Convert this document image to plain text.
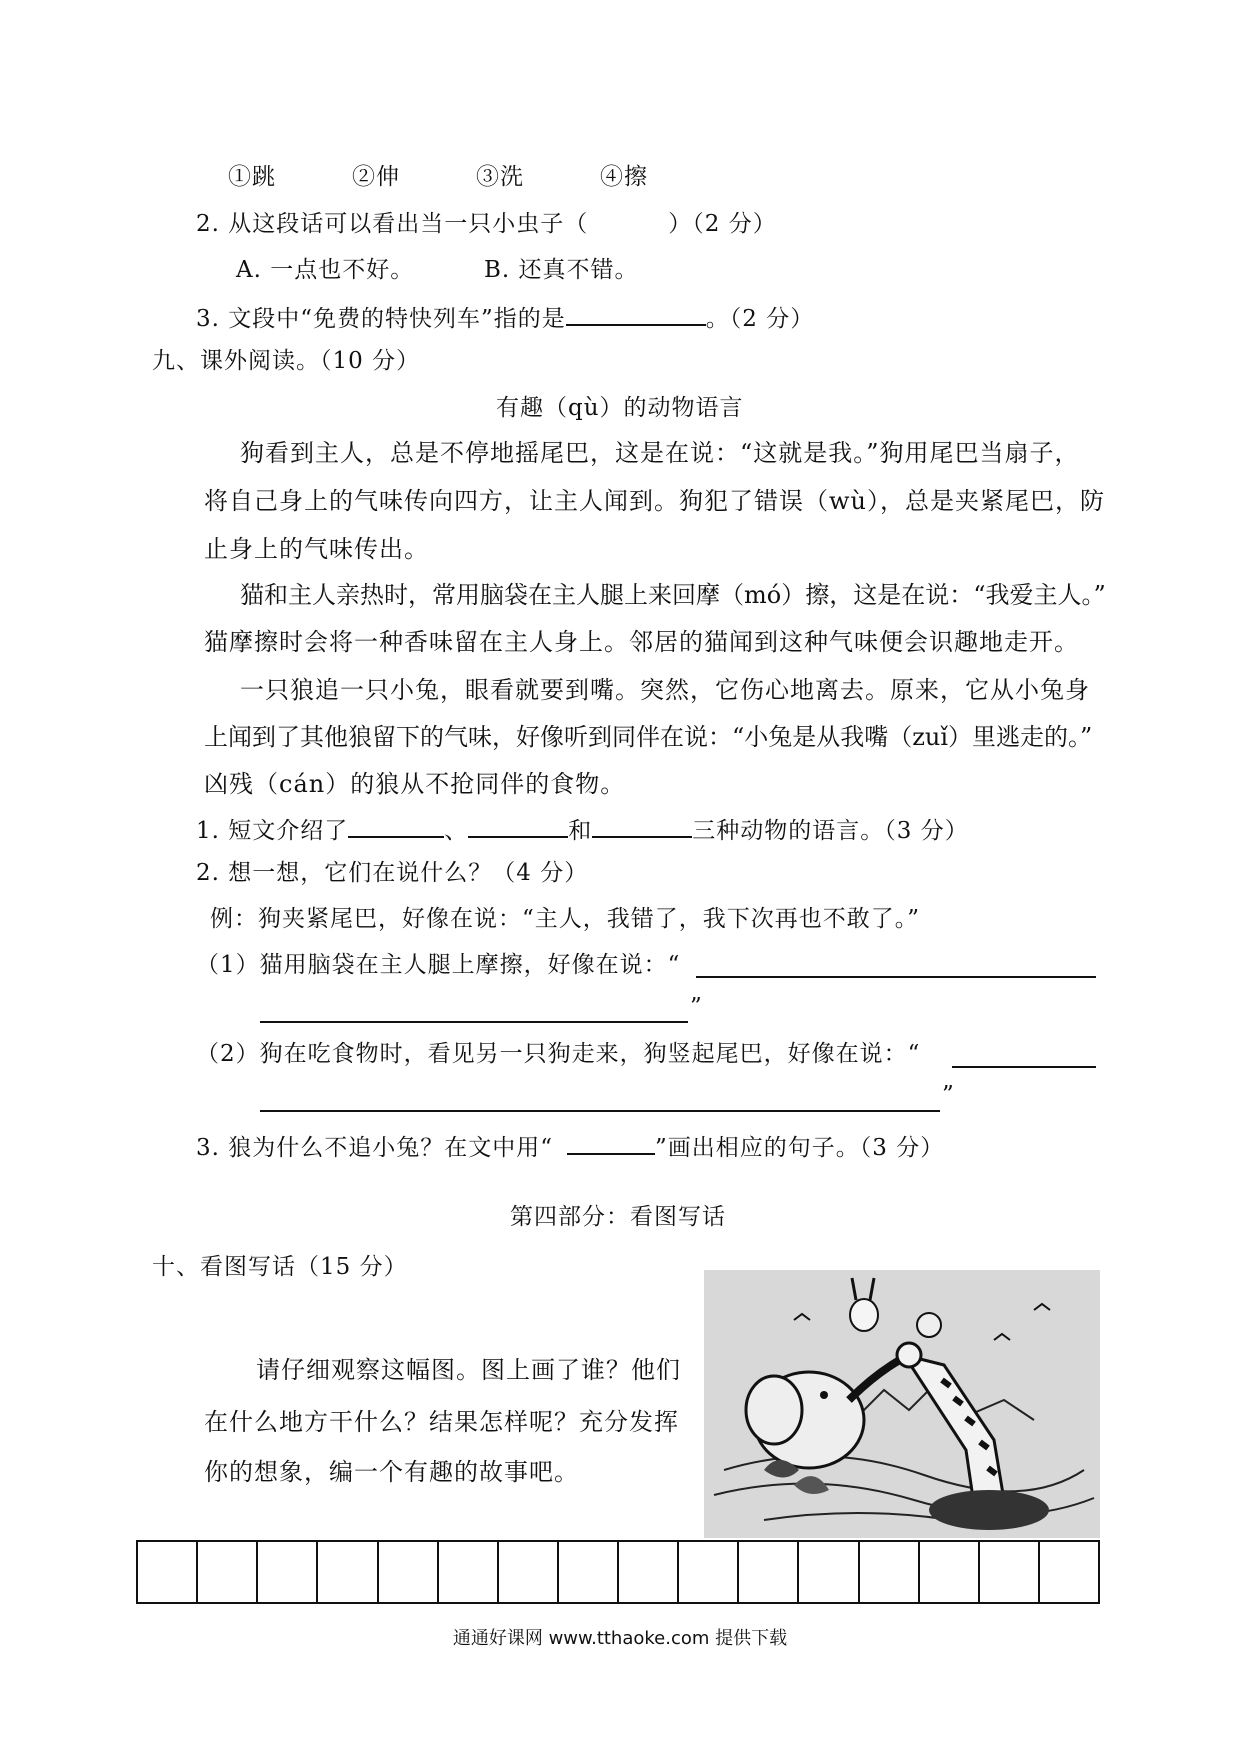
①跳	②伸	③洗	④擦
2. 从这段话可以看出当一只小虫子（	）（2 分）
A. 一点也不好。	B. 还真不错。
3. 文段中“免费的特快列车”指的是	。（2 分）
九、课外阅读。（10 分）
有趣（qù）的动物语言
狗看到主人，总是不停地摇尾巴，这是在说：“这就是我。”狗用尾巴当扇子，
将自己身上的气味传向四方，让主人闻到。狗犯了错误（wù），总是夹紧尾巴，防
止身上的气味传出。
猫和主人亲热时，常用脑袋在主人腿上来回摩（mó）擦，这是在说：“我爱主人。”
猫摩擦时会将一种香味留在主人身上。邻居的猫闻到这种气味便会识趣地走开。
一只狼追一只小兔，眼看就要到嘴。突然，它伤心地离去。原来，它从小兔身
上闻到了其他狼留下的气味，好像听到同伴在说：“小兔是从我嘴（zuǐ）里逃走的。”
凶残（cán）的狼从不抢同伴的食物。
1. 短文介绍了	、	和	三种动物的语言。（3 分）
2. 想一想，它们在说什么？（4 分）
例：狗夹紧尾巴，好像在说：“主人，我错了，我下次再也不敢了。”
（1）猫用脑袋在主人腿上摩擦，好像在说：“
”
（2）狗在吃食物时，看见另一只狗走来，狗竖起尾巴，好像在说：“
”
3. 狼为什么不追小兔？在文中用“	”画出相应的句子。（3 分）
第四部分：看图写话
十、看图写话（15 分）
请仔细观察这幅图。图上画了谁？他们
在什么地方干什么？结果怎样呢？充分发挥
你的想象，编一个有趣的故事吧。
通通好课网 www.tthaoke.com 提供下载
